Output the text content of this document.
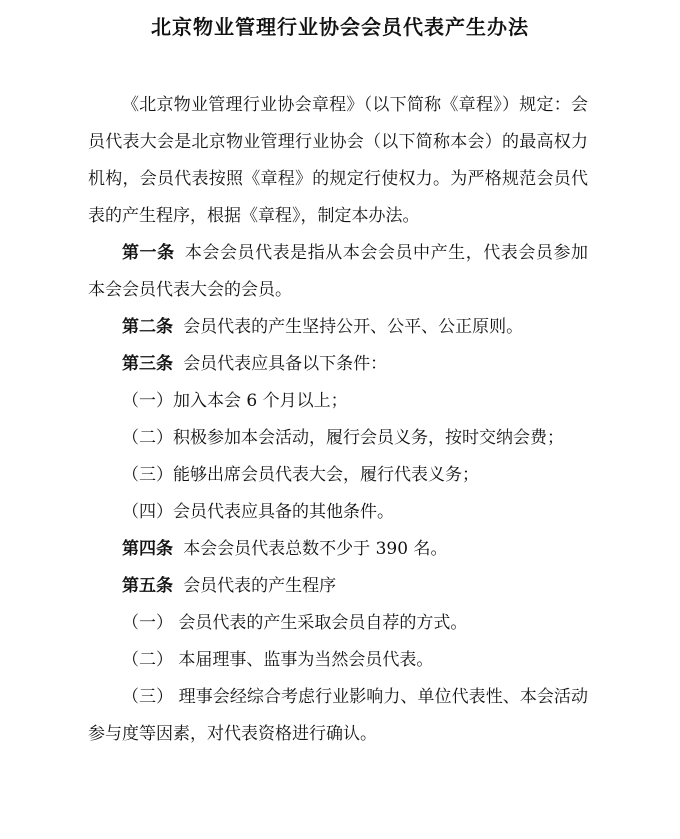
北京物业管理行业协会会员代表产生办法

《北京物业管理行业协会章程》（以下简称《章程》）规定：会员代表大会是北京物业管理行业协会（以下简称本会）的最高权力机构，会员代表按照《章程》的规定行使权力。为严格规范会员代表的产生程序，根据《章程》，制定本办法。

第一条 本会会员代表是指从本会会员中产生，代表会员参加本会会员代表大会的会员。

第二条 会员代表的产生坚持公开、公平、公正原则。

第三条 会员代表应具备以下条件：

（一）加入本会 6 个月以上；

（二）积极参加本会活动，履行会员义务，按时交纳会费；

（三）能够出席会员代表大会，履行代表义务；

（四）会员代表应具备的其他条件。

第四条 本会会员代表总数不少于 390 名。

第五条 会员代表的产生程序

（一） 会员代表的产生采取会员自荐的方式。

（二） 本届理事、监事为当然会员代表。

（三） 理事会经综合考虑行业影响力、单位代表性、本会活动参与度等因素，对代表资格进行确认。
